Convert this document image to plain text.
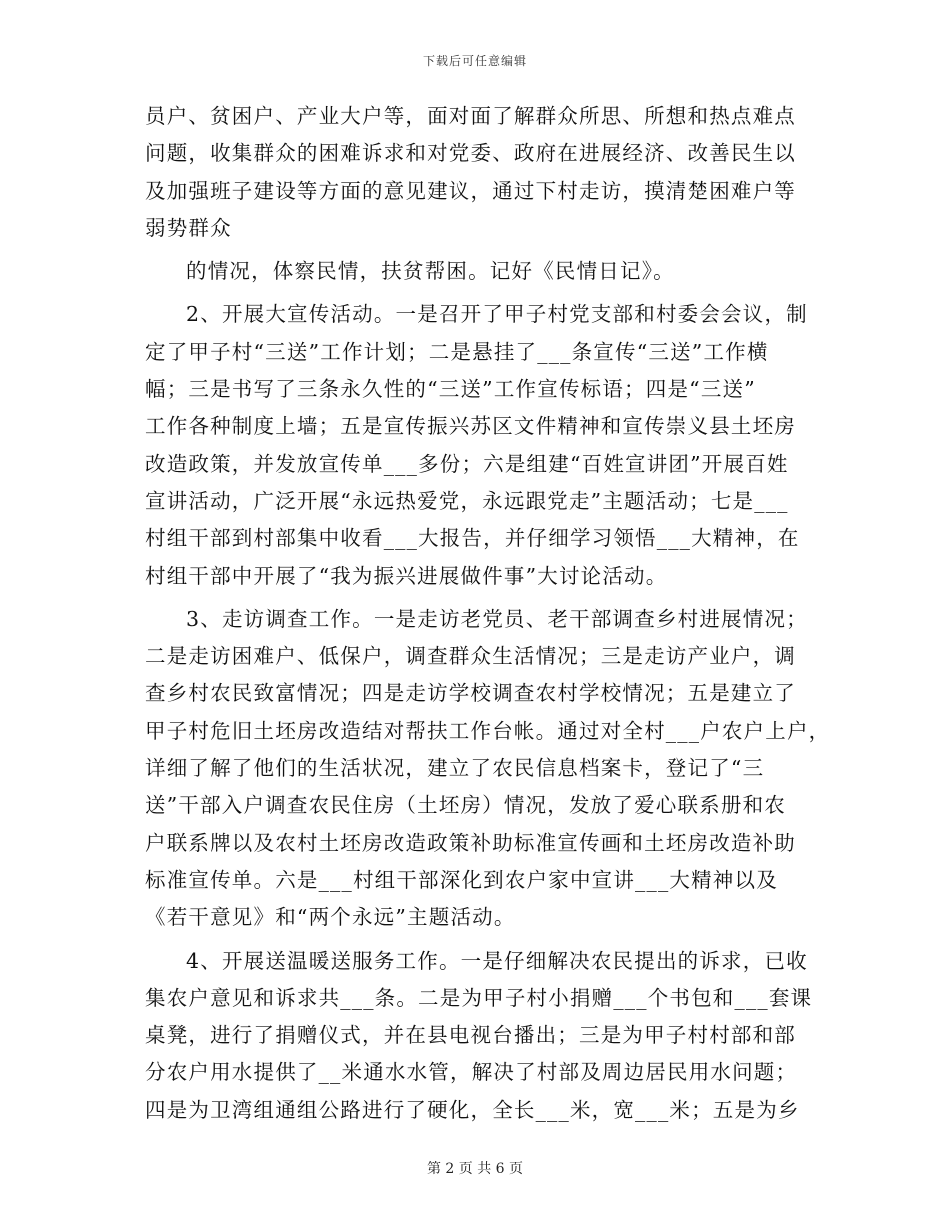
下载后可任意编辑
员户、贫困户、产业大户等，面对面了解群众所思、所想和热点难点
问题，收集群众的困难诉求和对党委、政府在进展经济、改善民生以
及加强班子建设等方面的意见建议，通过下村走访，摸清楚困难户等
弱势群众
的情况，体察民情，扶贫帮困。记好《民情日记》。
2、开展大宣传活动。一是召开了甲子村党支部和村委会会议，制
定了甲子村“三送”工作计划；二是悬挂了___条宣传“三送”工作横
幅；三是书写了三条永久性的“三送”工作宣传标语；四是“三送”
工作各种制度上墙；五是宣传振兴苏区文件精神和宣传崇义县土坯房
改造政策，并发放宣传单___多份；六是组建“百姓宣讲团”开展百姓
宣讲活动，广泛开展“永远热爱党，永远跟党走”主题活动；七是___
村组干部到村部集中收看___大报告，并仔细学习领悟___大精神，在
村组干部中开展了“我为振兴进展做件事”大讨论活动。
3、走访调查工作。一是走访老党员、老干部调查乡村进展情况；
二是走访困难户、低保户，调查群众生活情况；三是走访产业户，调
查乡村农民致富情况；四是走访学校调查农村学校情况；五是建立了
甲子村危旧土坯房改造结对帮扶工作台帐。通过对全村___户农户上户，
详细了解了他们的生活状况，建立了农民信息档案卡，登记了“三
送”干部入户调查农民住房（土坯房）情况，发放了爱心联系册和农
户联系牌以及农村土坯房改造政策补助标准宣传画和土坯房改造补助
标准宣传单。六是___村组干部深化到农户家中宣讲___大精神以及
《若干意见》和“两个永远”主题活动。
4、开展送温暖送服务工作。一是仔细解决农民提出的诉求，已收
集农户意见和诉求共___条。二是为甲子村小捐赠___个书包和___套课
桌凳，进行了捐赠仪式，并在县电视台播出；三是为甲子村村部和部
分农户用水提供了__米通水水管，解决了村部及周边居民用水问题；
四是为卫湾组通组公路进行了硬化，全长___米，宽___米；五是为乡
第 2 页 共 6 页
